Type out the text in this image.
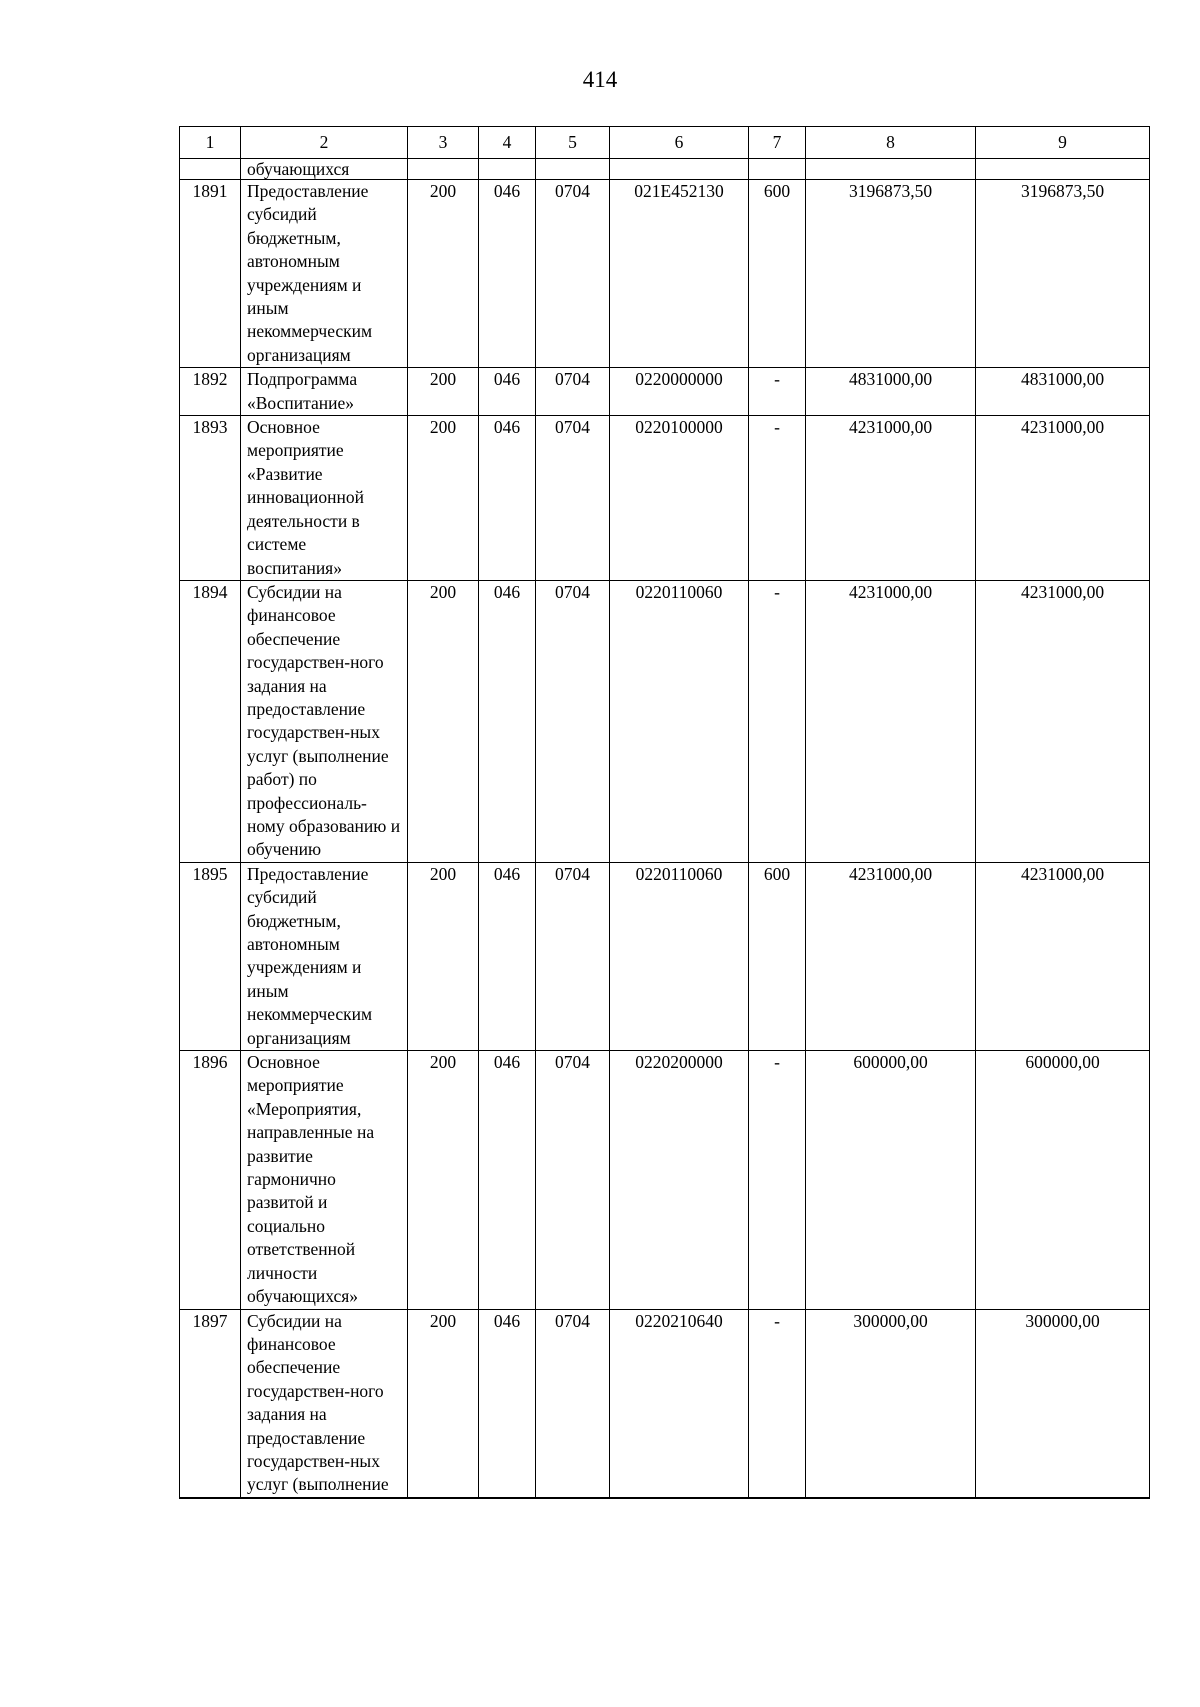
414
1	2	3	4	5	6	7	8	9
	обучающихся							
1891	Предоставление субсидий бюджетным, автономным учреждениям и иным некоммерческим организациям	200	046	0704	021E452130	600	3196873,50	3196873,50
1892	Подпрограмма «Воспитание»	200	046	0704	0220000000	-	4831000,00	4831000,00
1893	Основное мероприятие «Развитие инновационной деятельности в системе воспитания»	200	046	0704	0220100000	-	4231000,00	4231000,00
1894	Субсидии на финансовое обеспечение государствен-ного задания на предоставление государствен-ных услуг (выполнение работ) по профессиональ-ному образованию и обучению	200	046	0704	0220110060	-	4231000,00	4231000,00
1895	Предоставление субсидий бюджетным, автономным учреждениям и иным некоммерческим организациям	200	046	0704	0220110060	600	4231000,00	4231000,00
1896	Основное мероприятие «Мероприятия, направленные на развитие гармонично развитой и социально ответственной личности обучающихся»	200	046	0704	0220200000	-	600000,00	600000,00
1897	Субсидии на финансовое обеспечение государствен-ного задания на предоставление государствен-ных услуг (выполнение	200	046	0704	0220210640	-	300000,00	300000,00
